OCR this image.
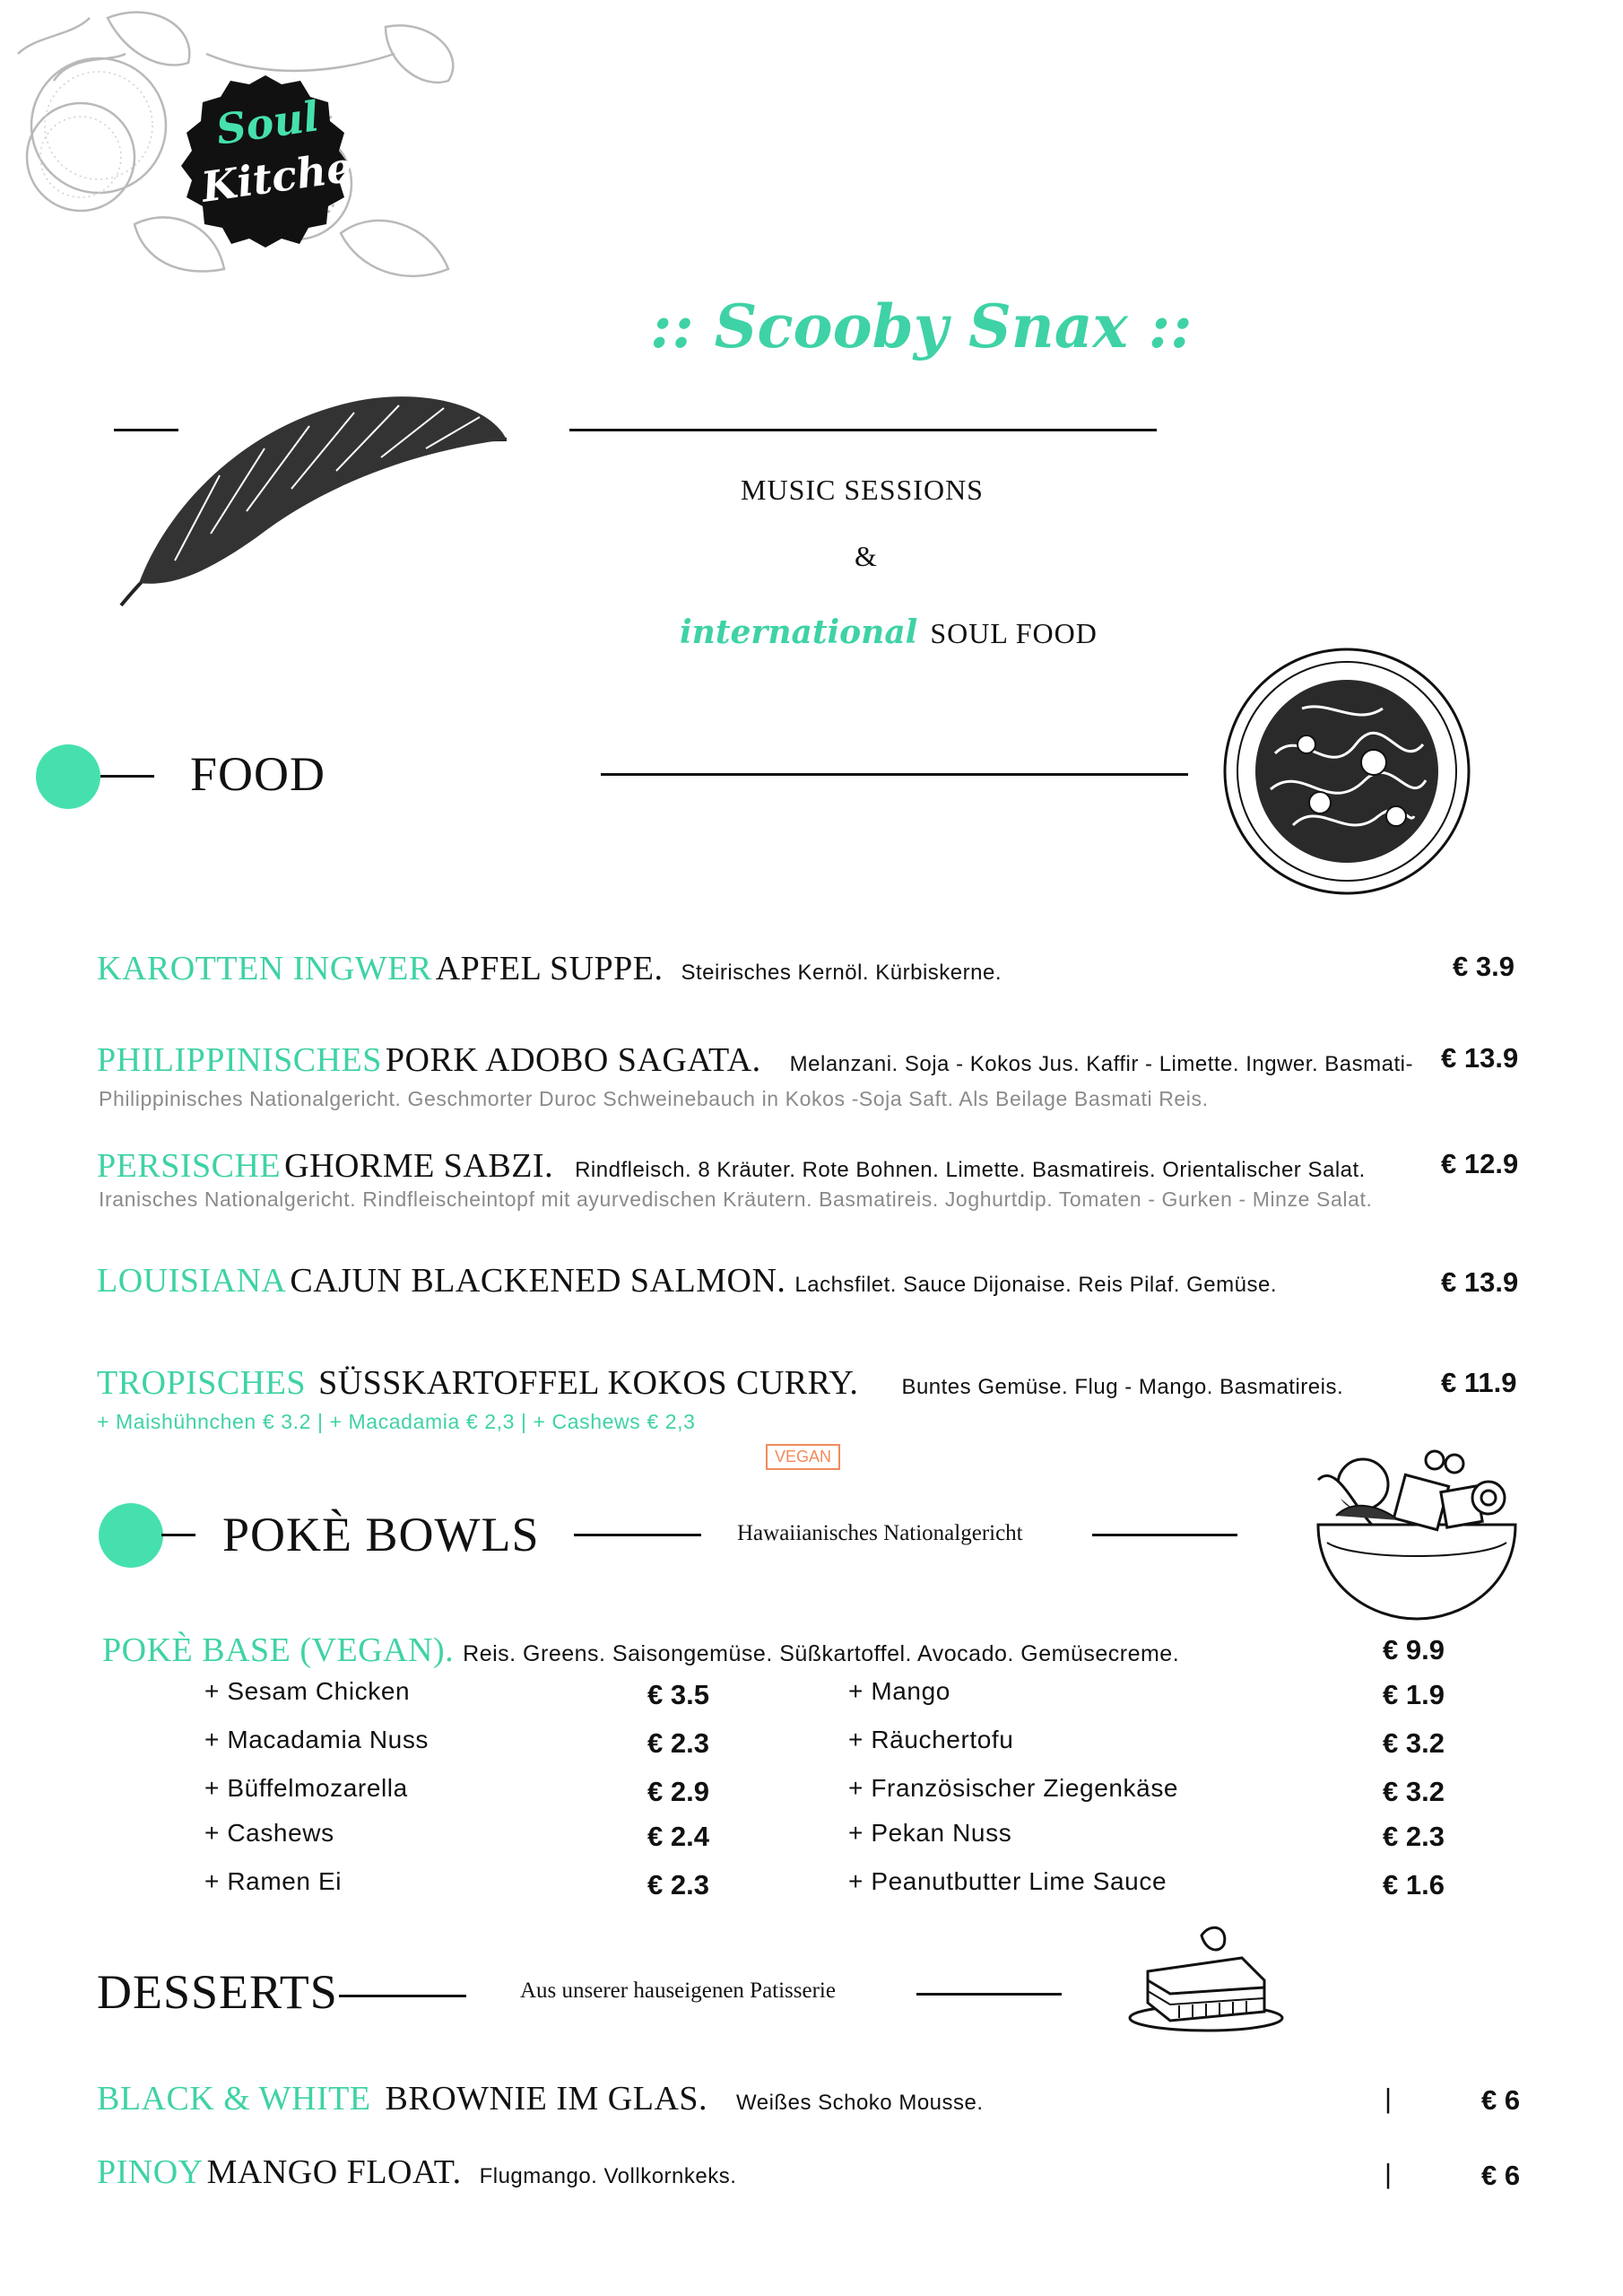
Soul
Kitchen
:: Scooby Snax ::
MUSIC SESSIONS
&
international SOUL FOOD
FOOD
KAROTTEN INGWER APFEL SUPPE. Steirisches Kernöl. Kürbiskerne.	€ 3.9
PHILIPPINISCHES PORK ADOBO SAGATA. Melanzani. Soja - Kokos Jus. Kaffir - Limette. Ingwer. Basmati- € 13.9
Philippinisches Nationalgericht. Geschmorter Duroc Schweinebauch in Kokos -Soja Saft. Als Beilage Basmati Reis.
PERSISCHE GHORME SABZI. Rindfleisch. 8 Kräuter. Rote Bohnen. Limette. Basmatireis. Orientalischer Salat.	€ 12.9
Iranisches Nationalgericht. Rindfleischeintopf mit ayurvedischen Kräutern. Basmatireis. Joghurtdip. Tomaten - Gurken - Minze Salat.
LOUISIANA CAJUN BLACKENED SALMON. Lachsfilet. Sauce Dijonaise. Reis Pilaf. Gemüse.	€ 13.9
TROPISCHES SÜSSKARTOFFEL KOKOS CURRY. Buntes Gemüse. Flug - Mango. Basmatireis.	€ 11.9
+ Maishühnchen € 3.2 | + Macadamia € 2,3 | + Cashews € 2,3
VEGAN
POKÈ BOWLS	Hawaiianisches Nationalgericht
POKÈ BASE (VEGAN). Reis. Greens. Saisongemüse. Süßkartoffel. Avocado. Gemüsecreme.	€ 9.9
+ Sesam Chicken	€ 3.5
+ Macadamia Nuss	€ 2.3
+ Büffelmozarella	€ 2.9
+ Cashews	€ 2.4
+ Ramen Ei	€ 2.3
+ Mango	€ 1.9
+ Räuchertofu	€ 3.2
+ Französischer Ziegenkäse	€ 3.2
+ Pekan Nuss	€ 2.3
+ Peanutbutter Lime Sauce	€ 1.6
DESSERTS	Aus unserer hauseigenen Patisserie
BLACK & WHITE BROWNIE IM GLAS. Weißes Schoko Mousse.	|	€ 6
PINOY MANGO FLOAT. Flugmango. Vollkornkeks.	|	€ 6
